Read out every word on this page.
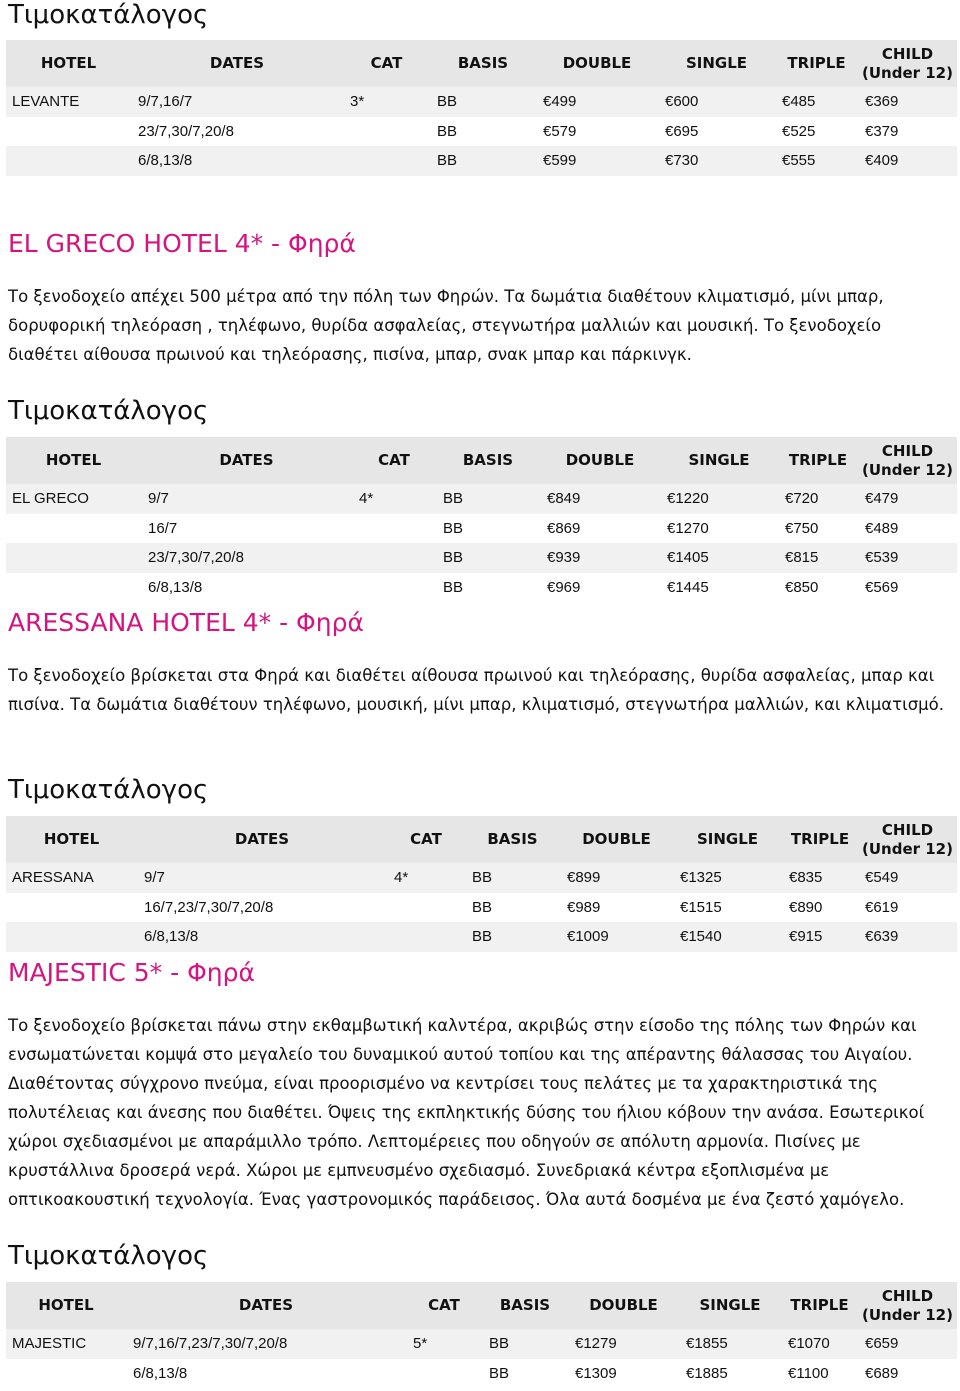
Τιμοκατάλογος
HOTEL	DATES	CAT	BASIS	DOUBLE	SINGLE	TRIPLE	CHILD
(Under 12)

LEVANTE	9/7,16/7	3*	BB	€499	€600	€485	€369
	23/7,30/7,20/8		BB	€579	€695	€525	€379
	6/8,13/8		BB	€599	€730	€555	€409
EL GRECO HOTEL 4* - Φηρά
Το ξενοδοχείο απέχει 500 μέτρα από την πόλη των Φηρών. Τα δωμάτια διαθέτουν κλιματισμό, μίνι μπαρ, δορυφορική τηλεόραση , τηλέφωνο, θυρίδα ασφαλείας, στεγνωτήρα μαλλιών και μουσική. Το ξενοδοχείο διαθέτει αίθουσα πρωινού και τηλεόρασης, πισίνα, μπαρ, σνακ μπαρ και πάρκινγκ.
Τιμοκατάλογος
HOTEL	DATES	CAT	BASIS	DOUBLE	SINGLE	TRIPLE	CHILD
(Under 12)

EL GRECO	9/7	4*	BB	€849	€1220	€720	€479
	16/7		BB	€869	€1270	€750	€489
	23/7,30/7,20/8		BB	€939	€1405	€815	€539
	6/8,13/8		BB	€969	€1445	€850	€569
ARESSANA HOTEL 4* - Φηρά
Το ξενοδοχείο βρίσκεται στα Φηρά και διαθέτει αίθουσα πρωινού και τηλεόρασης, θυρίδα ασφαλείας, μπαρ και πισίνα. Τα δωμάτια διαθέτουν τηλέφωνο, μουσική, μίνι μπαρ, κλιματισμό, στεγνωτήρα μαλλιών, και κλιματισμό.
Τιμοκατάλογος
HOTEL	DATES	CAT	BASIS	DOUBLE	SINGLE	TRIPLE	CHILD
(Under 12)

ARESSANA	9/7	4*	BB	€899	€1325	€835	€549
	16/7,23/7,30/7,20/8		BB	€989	€1515	€890	€619
	6/8,13/8		BB	€1009	€1540	€915	€639
MAJESTIC 5* - Φηρά
Το ξενοδοχείο βρίσκεται πάνω στην εκθαμβωτική καλντέρα, ακριβώς στην είσοδο της πόλης των Φηρών και ενσωματώνεται κομψά στο μεγαλείο του δυναμικού αυτού τοπίου και της απέραντης θάλασσας του Αιγαίου. Διαθέτοντας σύγχρονο πνεύμα, είναι προορισμένο να κεντρίσει τους πελάτες με τα χαρακτηριστικά της πολυτέλειας και άνεσης που διαθέτει. Όψεις της εκπληκτικής δύσης του ήλιου κόβουν την ανάσα. Εσωτερικοί χώροι σχεδιασμένοι με απαράμιλλο τρόπο. Λεπτομέρειες που οδηγούν σε απόλυτη αρμονία. Πισίνες με κρυστάλλινα δροσερά νερά. Χώροι με εμπνευσμένο σχεδιασμό. Συνεδριακά κέντρα εξοπλισμένα με οπτικοακουστική τεχνολογία. Ένας γαστρονομικός παράδεισος. Όλα αυτά δοσμένα με ένα ζεστό χαμόγελο.
Τιμοκατάλογος
HOTEL	DATES	CAT	BASIS	DOUBLE	SINGLE	TRIPLE	CHILD
(Under 12)

MAJESTIC	9/7,16/7,23/7,30/7,20/8	5*	BB	€1279	€1855	€1070	€659
	6/8,13/8		BB	€1309	€1885	€1100	€689
